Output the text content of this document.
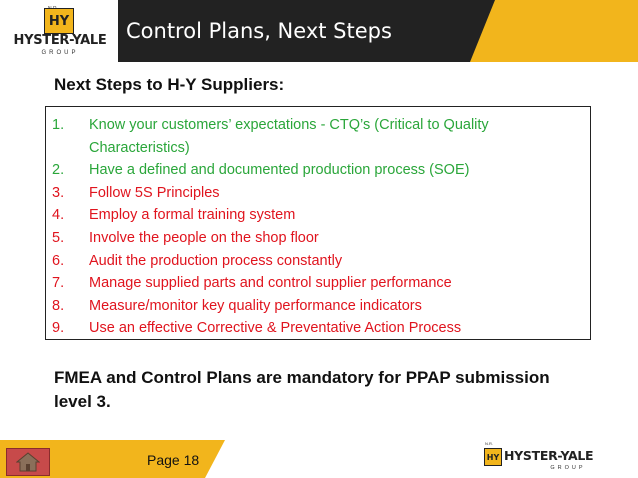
HY
HYSTER-YALE
GROUP
Control Plans, Next Steps
Next Steps to H-Y Suppliers:
1.	Know your customers’ expectations - CTQ’s (Critical to Quality Characteristics)
2.	Have a defined and documented production process (SOE)
3.	Follow 5S Principles
4.	Employ a formal training system
5.	Involve the people on the shop floor
6.	Audit the production process constantly
7.	Manage supplied parts and control supplier performance
8.	Measure/monitor key quality performance indicators
9.	Use an effective Corrective & Preventative Action Process
FMEA and Control Plans are mandatory for PPAP submission level 3.
Page 18
N.R.
HY HYSTER-YALE
GROUP
